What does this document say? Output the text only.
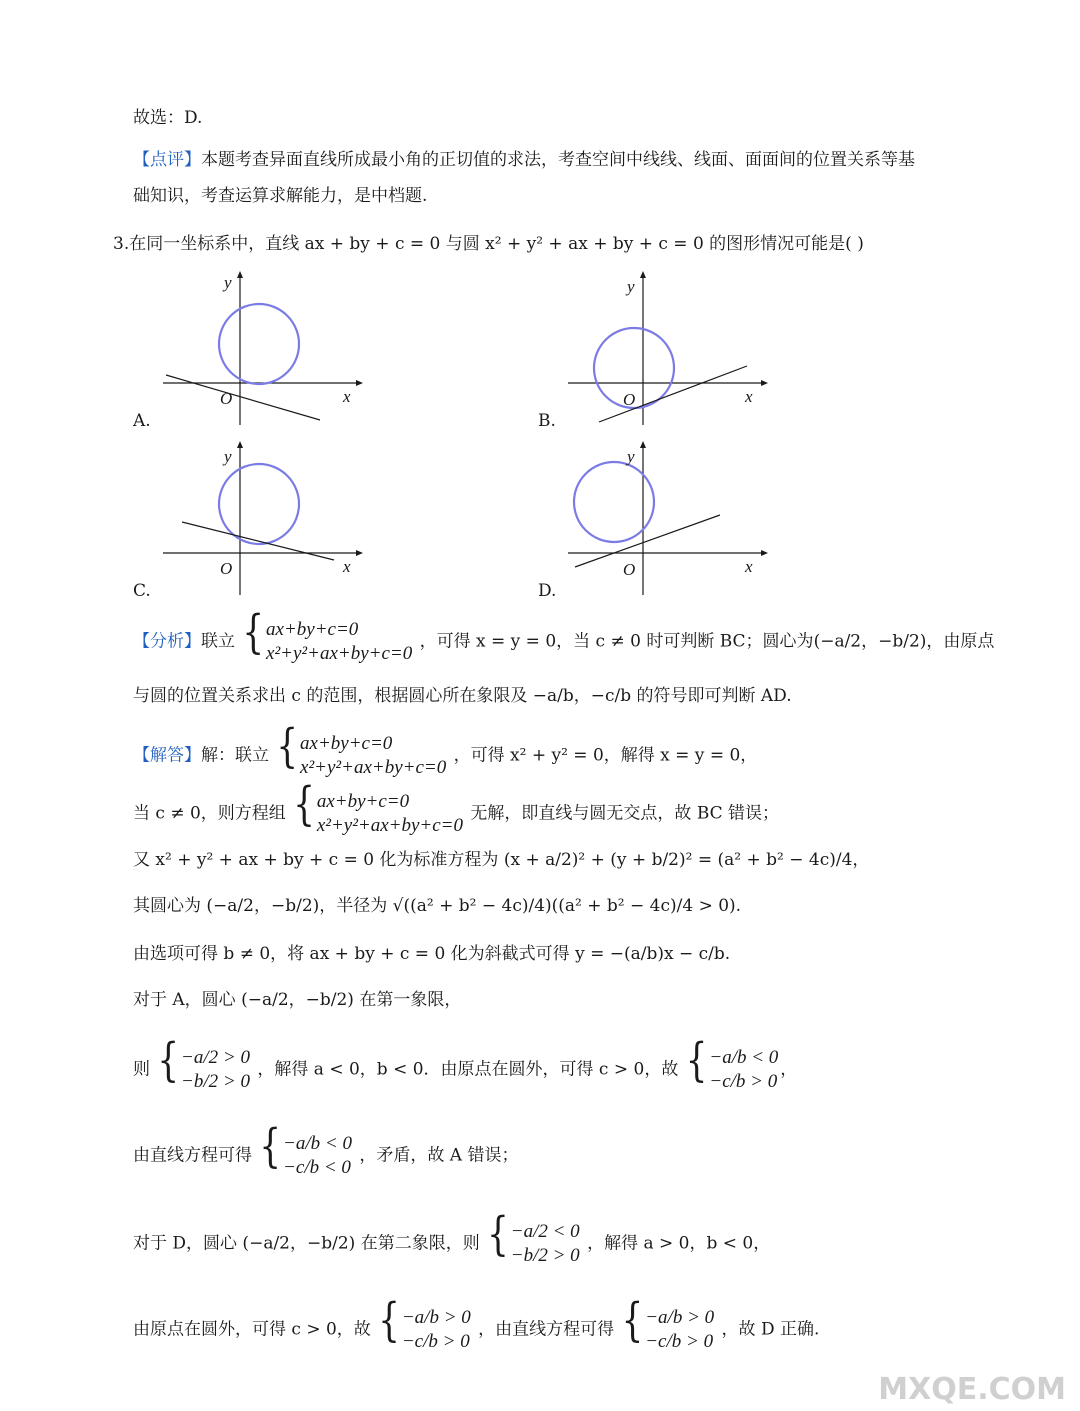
故选：D.
【点评】本题考查异面直线所成最小角的正切值的求法，考查空间中线线、线面、面面间的位置关系等基
础知识，考查运算求解能力，是中档题.
3.在同一坐标系中，直线 ax + by + c = 0 与圆 x² + y² + ax + by + c = 0 的图形情况可能是( )
y
x
O
A.
y
x
O
B.
y
x
O
C.
y
x
O
D.
【分析】联立 { ax+by+c=0
x²+y²+ax+by+c=0
，可得 x = y = 0，当 c ≠ 0 时可判断 BC；圆心为(−a/2，−b/2)，由原点
与圆的位置关系求出 c 的范围，根据圆心所在象限及 −a/b，−c/b 的符号即可判断 AD.
【解答】解：联立 { ax+by+c=0
x²+y²+ax+by+c=0
，可得 x² + y² = 0，解得 x = y = 0，
当 c ≠ 0，则方程组 { ax+by+c=0
x²+y²+ax+by+c=0
无解，即直线与圆无交点，故 BC 错误；
又 x² + y² + ax + by + c = 0 化为标准方程为 (x + a/2)² + (y + b/2)² = (a² + b² − 4c)/4，
其圆心为 (−a/2，−b/2)，半径为 √((a² + b² − 4c)/4)((a² + b² − 4c)/4 > 0).
由选项可得 b ≠ 0，将 ax + by + c = 0 化为斜截式可得 y = −(a/b)x − c/b.
对于 A，圆心 (−a/2，−b/2) 在第一象限，
则 { −a/2 > 0
−b/2 > 0
，解得 a < 0，b < 0．由原点在圆外，可得 c > 0，故 { −a/b < 0
−c/b > 0
，
由直线方程可得 { −a/b < 0
−c/b < 0
，矛盾，故 A 错误；
对于 D，圆心 (−a/2，−b/2) 在第二象限，则 { −a/2 < 0
−b/2 > 0
，解得 a > 0，b < 0，
由原点在圆外，可得 c > 0，故 { −a/b > 0
−c/b > 0
，由直线方程可得 { −a/b > 0
−c/b > 0
，故 D 正确.
MXQE.COM
